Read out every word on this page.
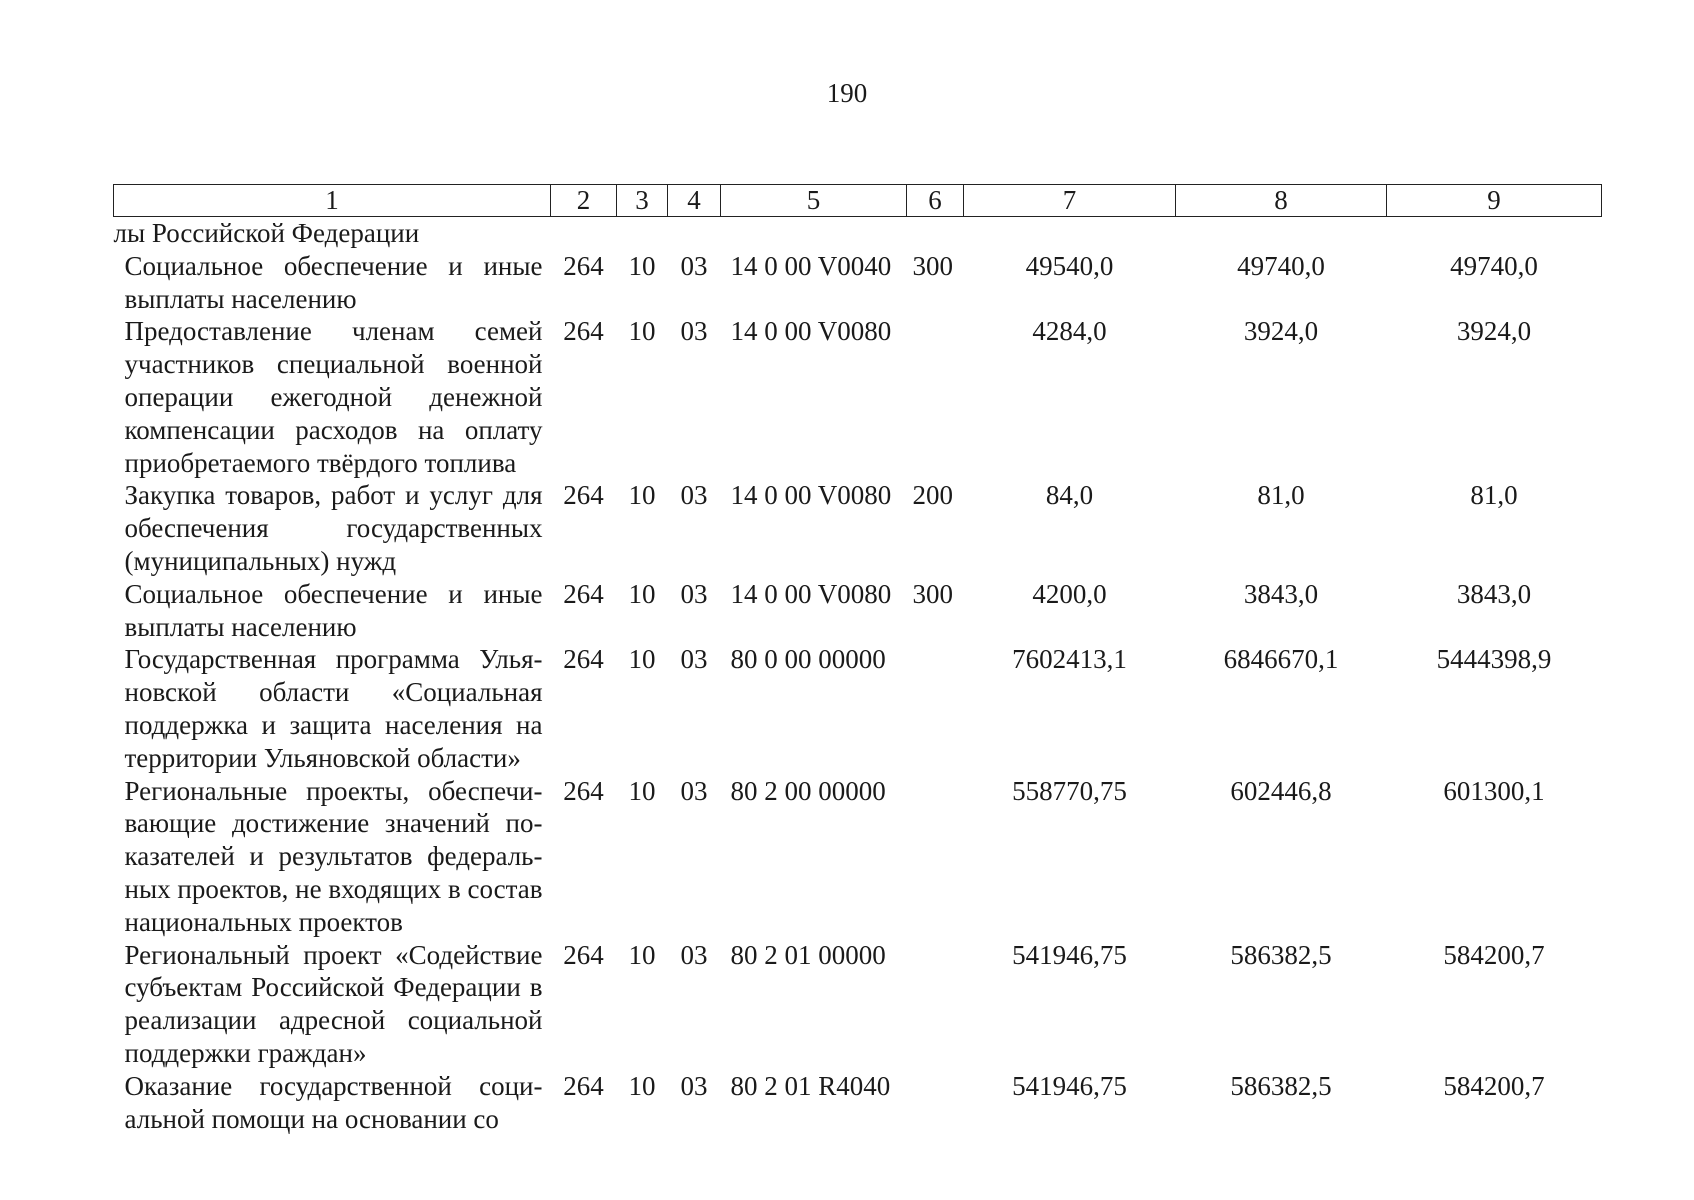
190
1	2	3	4	5	6	7	8	9
лы Российской Федерации								
Социальное обеспечение и иные выплаты населению	264	10	03	14 0 00 V0040	300	49540,0	49740,0	49740,0
Предоставление членам семей участников специальной военной операции ежегодной денежной компенсации расходов на оплату приобретаемого твёрдого топлива	264	10	03	14 0 00 V0080		4284,0	3924,0	3924,0
Закупка товаров, работ и услуг для обеспечения государственных (муниципальных) нужд	264	10	03	14 0 00 V0080	200	84,0	81,0	81,0
Социальное обеспечение и иные выплаты населению	264	10	03	14 0 00 V0080	300	4200,0	3843,0	3843,0
Государственная программа Ульяновской области «Социальная поддержка и защита населения на территории Ульяновской области»	264	10	03	80 0 00 00000		7602413,1	6846670,1	5444398,9
Региональные проекты, обеспечивающие достижение значений показателей и результатов федеральных проектов, не входящих в состав национальных проектов	264	10	03	80 2 00 00000		558770,75	602446,8	601300,1
Региональный проект «Содействие субъектам Российской Федерации в реализации адресной социальной поддержки граждан»	264	10	03	80 2 01 00000		541946,75	586382,5	584200,7
Оказание государственной социальной помощи на основании со	264	10	03	80 2 01 R4040		541946,75	586382,5	584200,7
